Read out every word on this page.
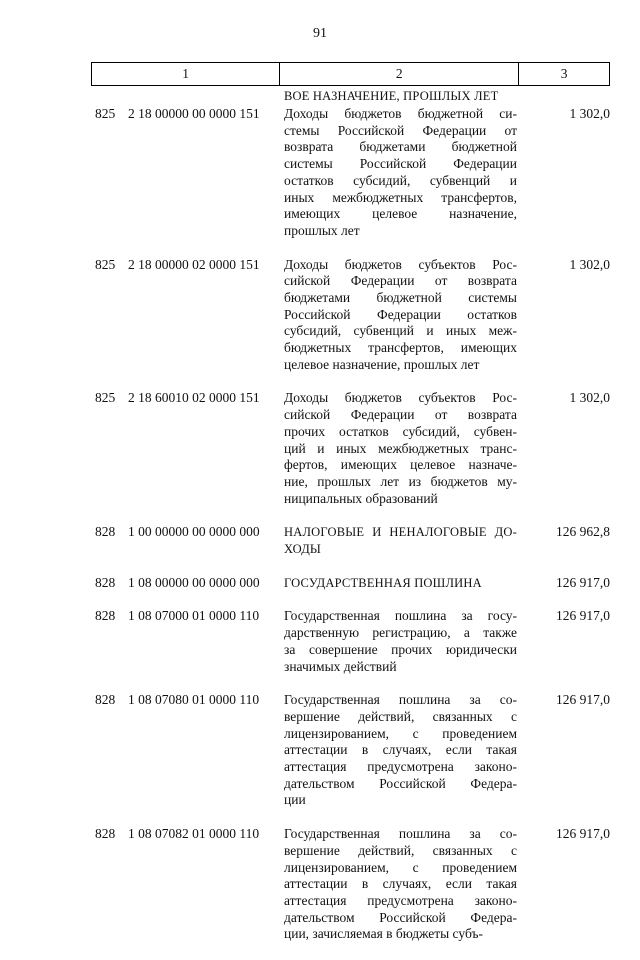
91
1	2	3
ВОЕ НАЗНАЧЕНИЕ, ПРОШЛЫХ ЛЕТ
825 2 18 00000 00 0000 151	Доходы бюджетов бюджетной си-
стемы Российской Федерации от
возврата бюджетами бюджетной
системы Российской Федерации
остатков субсидий, субвенций и
иных межбюджетных трансфертов,
имеющих целевое назначение,
прошлых лет
1 302,0
825 2 18 00000 02 0000 151	Доходы бюджетов субъектов Рос-
сийской Федерации от возврата
бюджетами бюджетной системы
Российской Федерации остатков
субсидий, субвенций и иных меж-
бюджетных трансфертов, имеющих
целевое назначение, прошлых лет
1 302,0
825 2 18 60010 02 0000 151	Доходы бюджетов субъектов Рос-
сийской Федерации от возврата
прочих остатков субсидий, субвен-
ций и иных межбюджетных транс-
фертов, имеющих целевое назначе-
ние, прошлых лет из бюджетов му-
ниципальных образований
1 302,0
828 1 00 00000 00 0000 000	НАЛОГОВЫЕ И НЕНАЛОГОВЫЕ ДО-
ХОДЫ
126 962,8
828 1 08 00000 00 0000 000	ГОСУДАРСТВЕННАЯ ПОШЛИНА	126 917,0
828 1 08 07000 01 0000 110	Государственная пошлина за госу-
дарственную регистрацию, а также
за совершение прочих юридически
значимых действий
126 917,0
828 1 08 07080 01 0000 110	Государственная пошлина за со-
вершение действий, связанных с
лицензированием, с проведением
аттестации в случаях, если такая
аттестация предусмотрена законо-
дательством Российской Федера-
ции
126 917,0
828 1 08 07082 01 0000 110	Государственная пошлина за со-
вершение действий, связанных с
лицензированием, с проведением
аттестации в случаях, если такая
аттестация предусмотрена законо-
дательством Российской Федера-
ции, зачисляемая в бюджеты субъ-
126 917,0
